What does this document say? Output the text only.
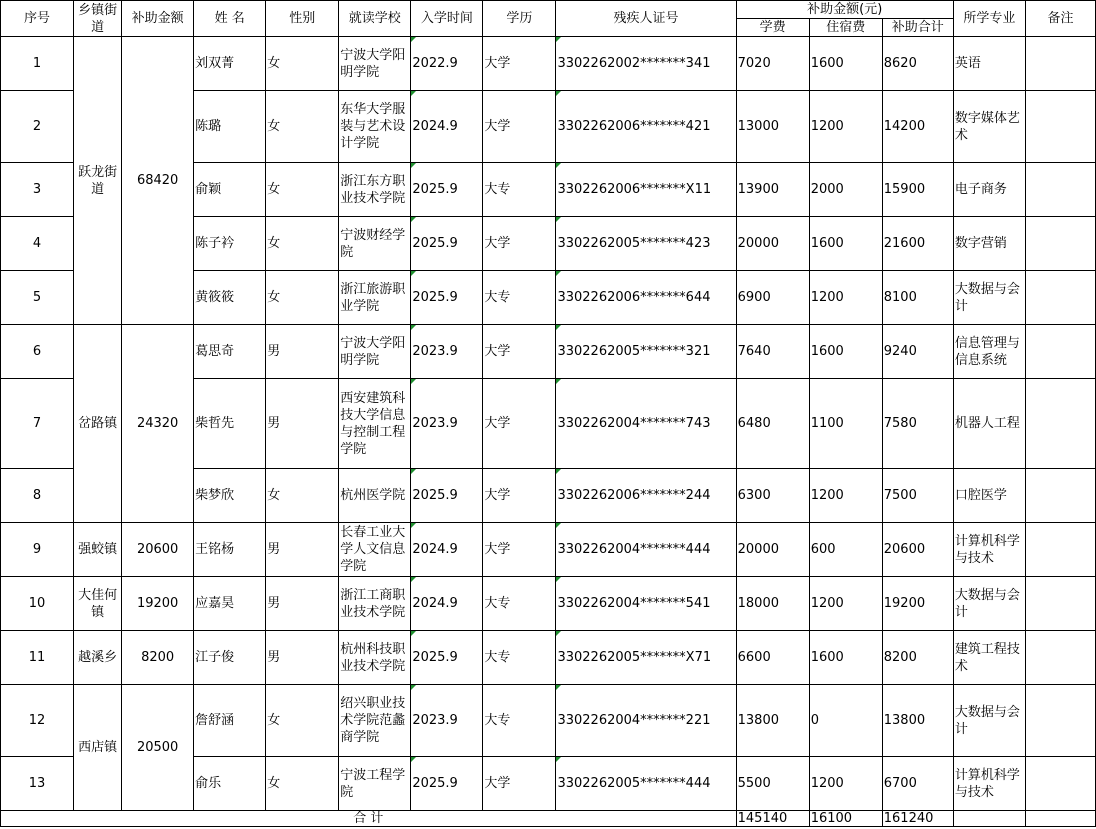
序号	乡镇街道	补助金额	姓 名	性别	就读学校	入学时间	学历	残疾人证号	补助金额(元)			所学专业	备注
									学费	住宿费	补助合计		
1	跃龙街道	68420	刘双菁	女	宁波大学阳明学院	2022.9	大学	3302262002*******341	7020	1600	8620	英语	
2			陈璐	女	东华大学服装与艺术设计学院	2024.9	大学	3302262006*******421	13000	1200	14200	数字媒体艺术	
3			俞颖	女	浙江东方职业技术学院	2025.9	大专	3302262006*******X11	13900	2000	15900	电子商务	
4			陈子衿	女	宁波财经学院	2025.9	大学	3302262005*******423	20000	1600	21600	数字营销	
5			黄筱筱	女	浙江旅游职业学院	2025.9	大专	3302262006*******644	6900	1200	8100	大数据与会计	
6	岔路镇	24320	葛思奇	男	宁波大学阳明学院	2023.9	大学	3302262005*******321	7640	1600	9240	信息管理与信息系统	
7			柴哲先	男	西安建筑科技大学信息与控制工程学院	2023.9	大学	3302262004*******743	6480	1100	7580	机器人工程	
8			柴梦欣	女	杭州医学院	2025.9	大学	3302262006*******244	6300	1200	7500	口腔医学	
9	强蛟镇	20600	王铭杨	男	长春工业大学人文信息学院	2024.9	大学	3302262004*******444	20000	600	20600	计算机科学与技术	
10	大佳何镇	19200	应嘉昊	男	浙江工商职业技术学院	2024.9	大专	3302262004*******541	18000	1200	19200	大数据与会计	
11	越溪乡	8200	江子俊	男	杭州科技职业技术学院	2025.9	大专	3302262005*******X71	6600	1600	8200	建筑工程技术	
12	西店镇	20500	詹舒涵	女	绍兴职业技术学院范蠡商学院	2023.9	大专	3302262004*******221	13800	0	13800	大数据与会计	
13			俞乐	女	宁波工程学院	2025.9	大学	3302262005*******444	5500	1200	6700	计算机科学与技术	
合 计									145140	16100	161240		
